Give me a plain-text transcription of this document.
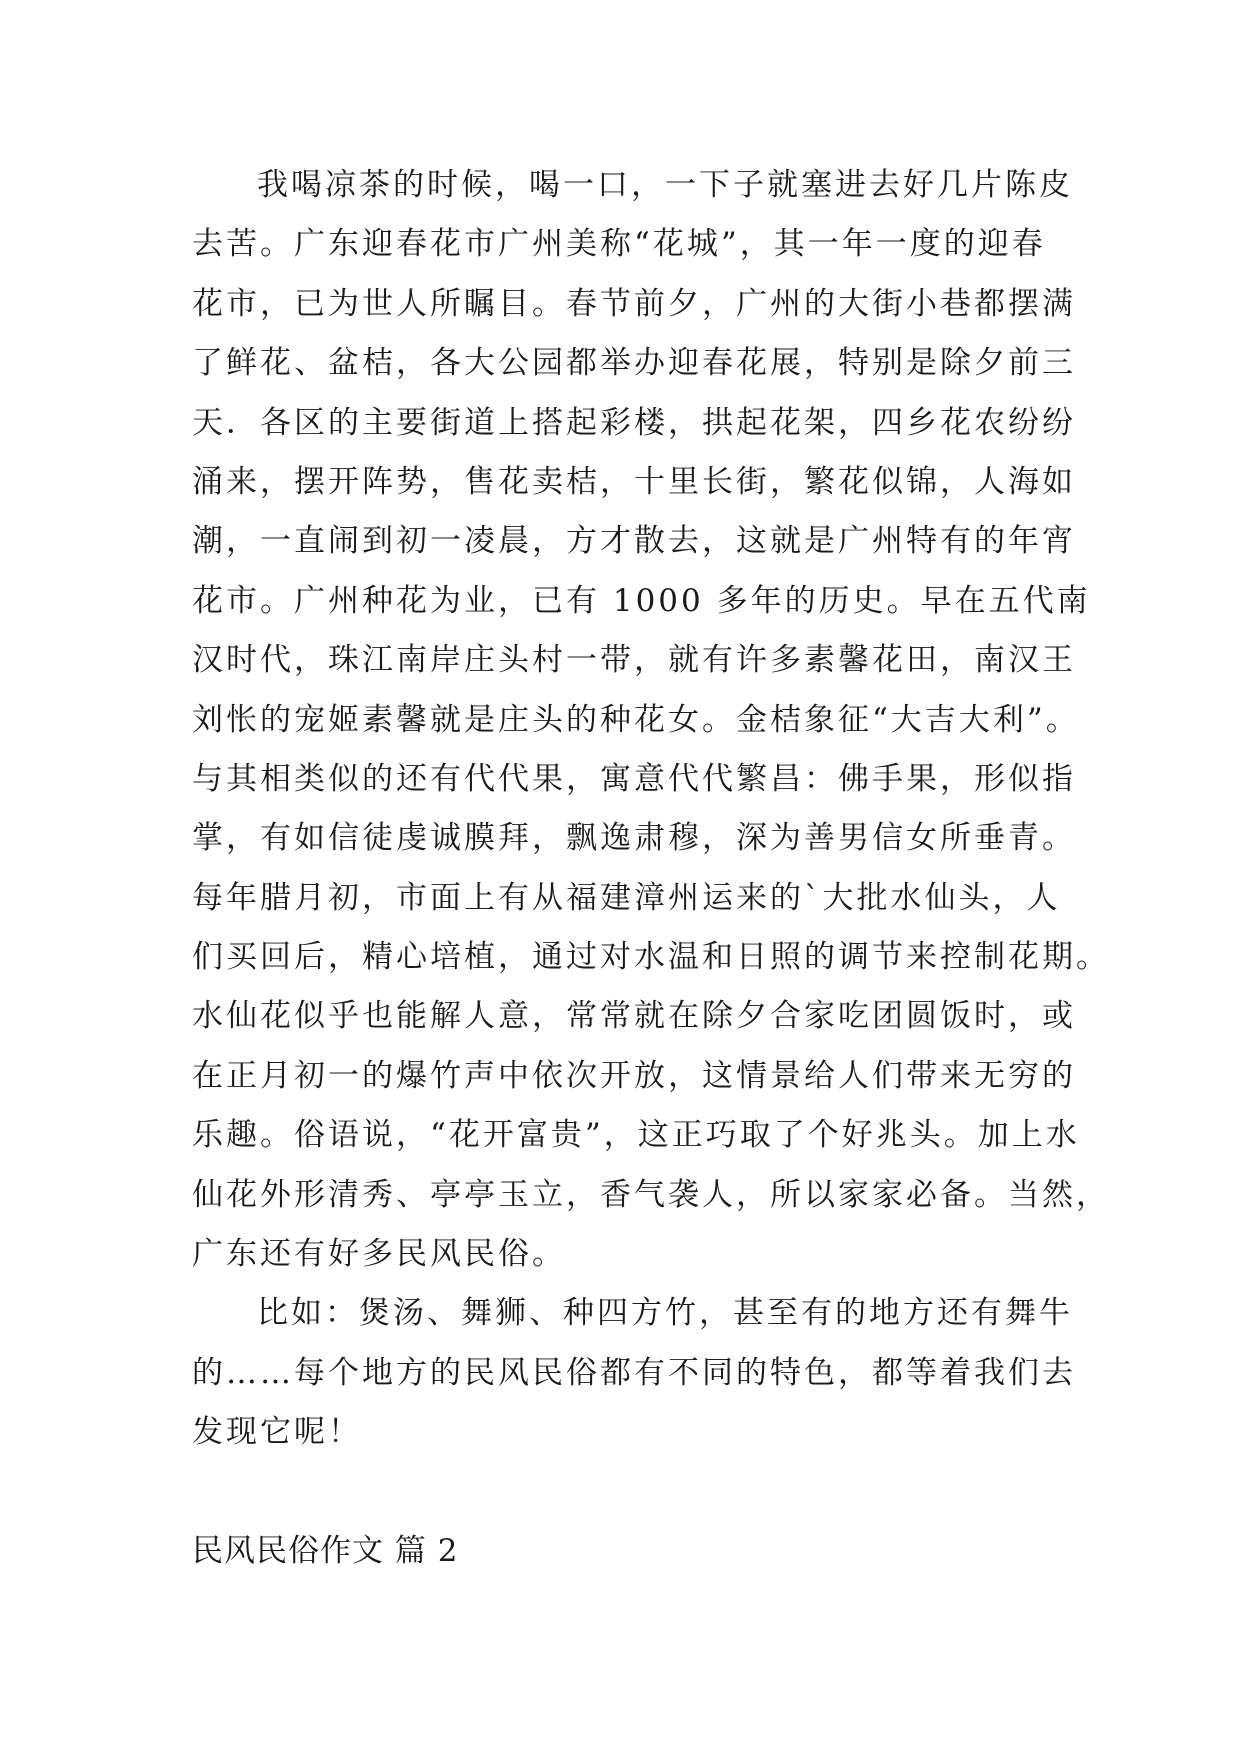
我喝凉茶的时候，喝一口，一下子就塞进去好几片陈皮
去苦。广东迎春花市广州美称“花城”，其一年一度的迎春
花市，已为世人所瞩目。春节前夕，广州的大街小巷都摆满
了鲜花、盆桔，各大公园都举办迎春花展，特别是除夕前三
天．各区的主要街道上搭起彩楼，拱起花架，四乡花农纷纷
涌来，摆开阵势，售花卖桔，十里长街，繁花似锦，人海如
潮，一直闹到初一凌晨，方才散去，这就是广州特有的年宵
花市。广州种花为业，已有 1000 多年的历史。早在五代南
汉时代，珠江南岸庄头村一带，就有许多素馨花田，南汉王
刘怅的宠姬素馨就是庄头的种花女。金桔象征“大吉大利”。
与其相类似的还有代代果，寓意代代繁昌：佛手果，形似指
掌，有如信徒虔诚膜拜，飘逸肃穆，深为善男信女所垂青。
每年腊月初，市面上有从福建漳州运来的`大批水仙头，人
们买回后，精心培植，通过对水温和日照的调节来控制花期。
水仙花似乎也能解人意，常常就在除夕合家吃团圆饭时，或
在正月初一的爆竹声中依次开放，这情景给人们带来无穷的
乐趣。俗语说，“花开富贵”，这正巧取了个好兆头。加上水
仙花外形清秀、亭亭玉立，香气袭人，所以家家必备。当然，
广东还有好多民风民俗。
比如：煲汤、舞狮、种四方竹，甚至有的地方还有舞牛
的……每个地方的民风民俗都有不同的特色，都等着我们去
发现它呢！
民风民俗作文 篇 2
